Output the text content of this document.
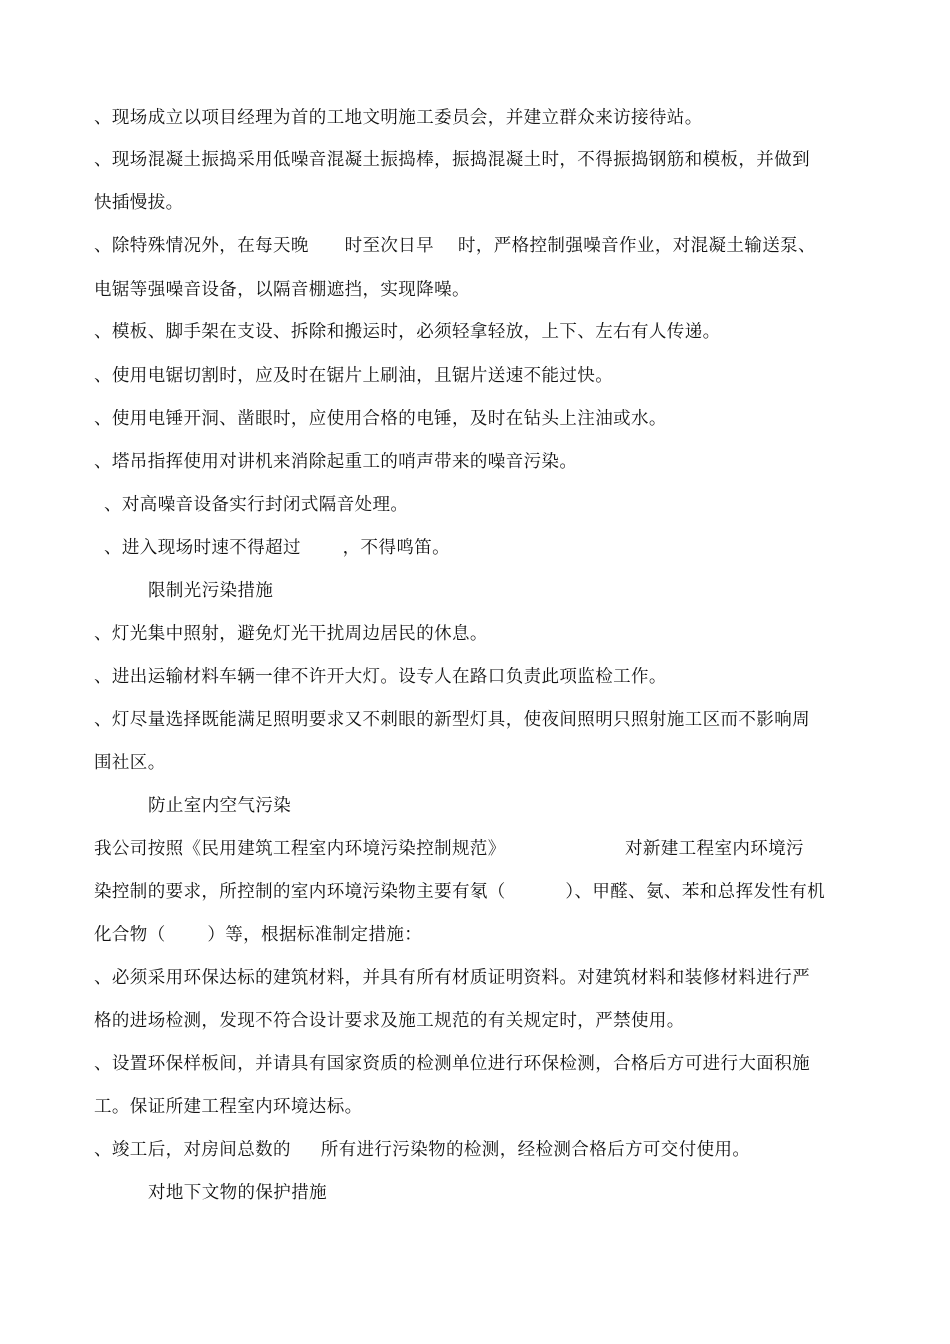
、现场成立以项目经理为首的工地文明施工委员会，并建立群众来访接待站。
、现场混凝土振捣采用低噪音混凝土振捣棒，振捣混凝土时，不得振捣钢筋和模板，并做到
快插慢拔。
、除特殊情况外，在每天晚      时至次日早    时，严格控制强噪音作业，对混凝土输送泵、
电锯等强噪音设备，以隔音棚遮挡，实现降噪。
、模板、脚手架在支设、拆除和搬运时，必须轻拿轻放，上下、左右有人传递。
、使用电锯切割时，应及时在锯片上刷油，且锯片送速不能过快。
、使用电锤开洞、凿眼时，应使用合格的电锤，及时在钻头上注油或水。
、塔吊指挥使用对讲机来消除起重工的哨声带来的噪音污染。
、对高噪音设备实行封闭式隔音处理。
、进入现场时速不得超过       ，不得鸣笛。
限制光污染措施
、灯光集中照射，避免灯光干扰周边居民的休息。
、进出运输材料车辆一律不许开大灯。设专人在路口负责此项监检工作。
、灯尽量选择既能满足照明要求又不刺眼的新型灯具，使夜间照明只照射施工区而不影响周
围社区。
防止室内空气污染
我公司按照《民用建筑工程室内环境污染控制规范》                    对新建工程室内环境污
染控制的要求，所控制的室内环境污染物主要有氡（          ）、甲醛、氨、苯和总挥发性有机
化合物（       ）等，根据标准制定措施：
、必须采用环保达标的建筑材料，并具有所有材质证明资料。对建筑材料和装修材料进行严
格的进场检测，发现不符合设计要求及施工规范的有关规定时，严禁使用。
、设置环保样板间，并请具有国家资质的检测单位进行环保检测，合格后方可进行大面积施
工。保证所建工程室内环境达标。
、竣工后，对房间总数的     所有进行污染物的检测，经检测合格后方可交付使用。
对地下文物的保护措施
